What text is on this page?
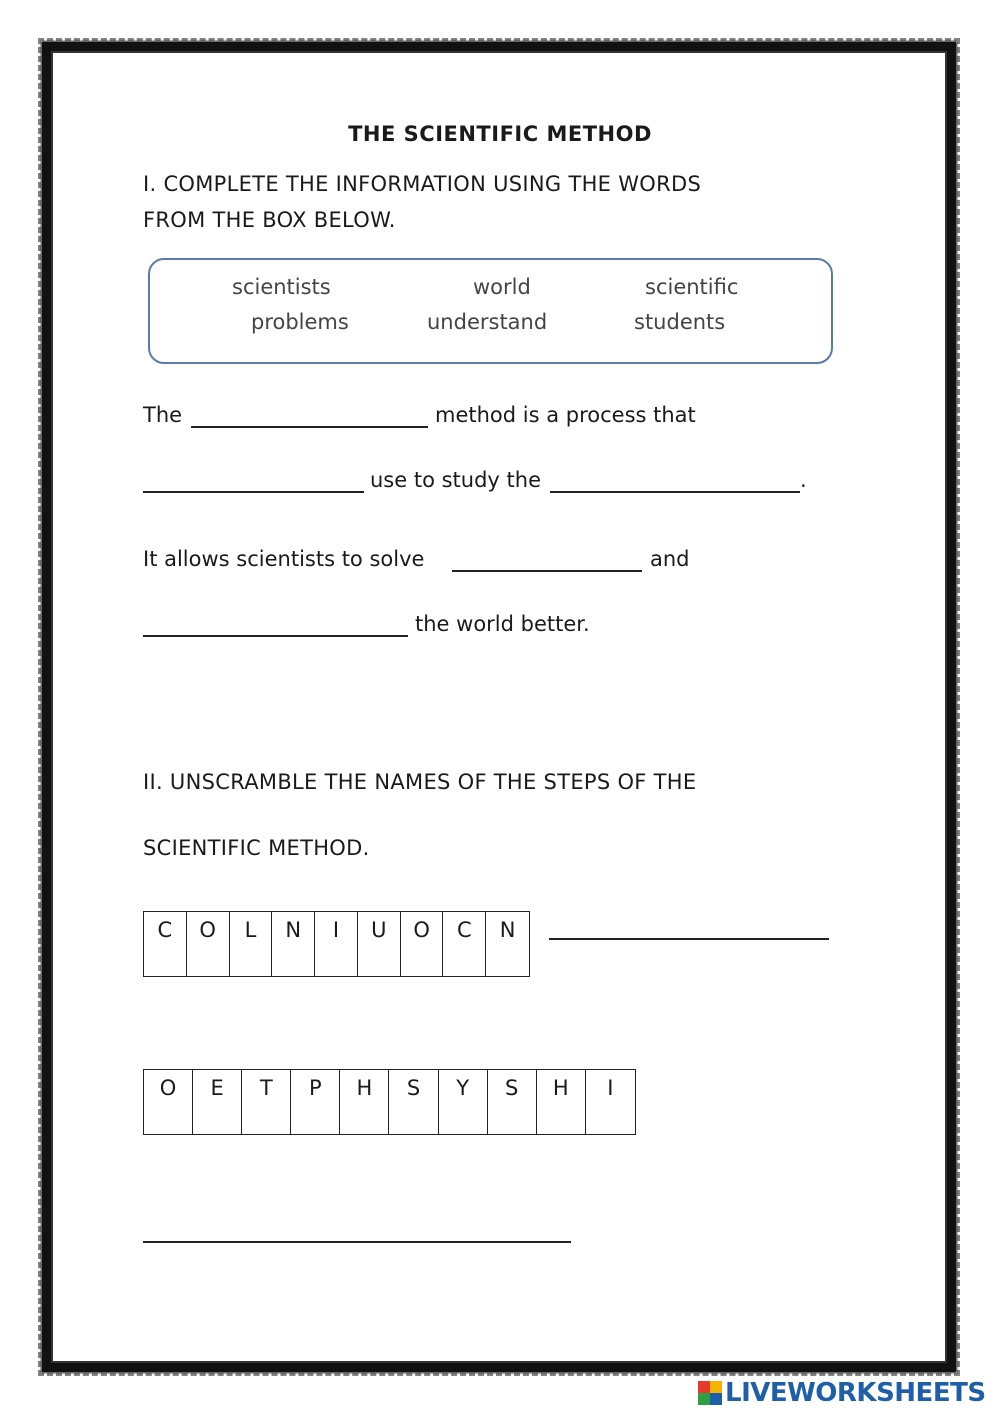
THE SCIENTIFIC METHOD
I. COMPLETE THE INFORMATION USING THE WORDS
FROM THE BOX BELOW.
scientists	world	scientific
problems	understand	students
The	method is a process that
use to study the	.
It allows scientists to solve	and
the world better.
II. UNSCRAMBLE THE NAMES OF THE STEPS OF THE
SCIENTIFIC METHOD.
C	O	L	N	I	U	O	C	N
O	E	T	P	H	S	Y	S	H	I
LIVEWORKSHEETS
